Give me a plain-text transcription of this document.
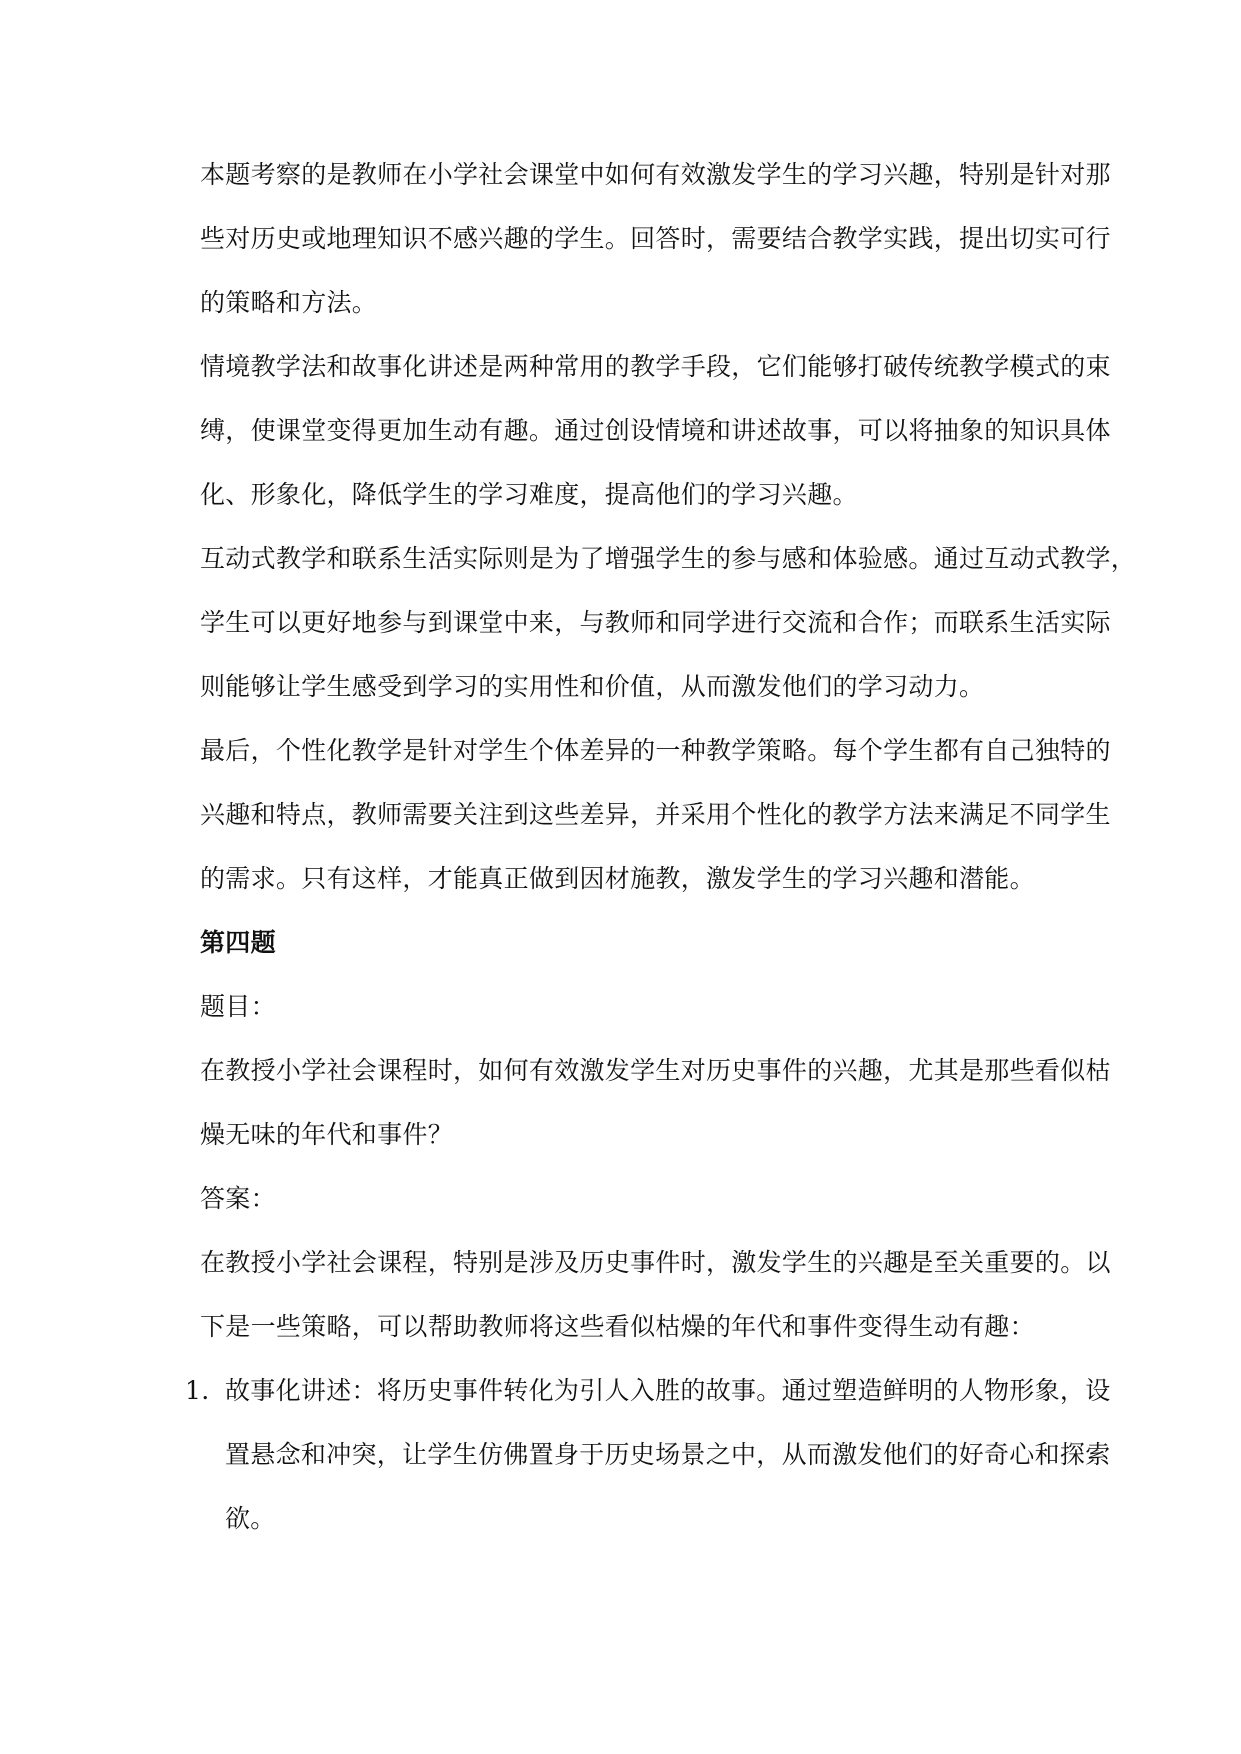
本题考察的是教师在小学社会课堂中如何有效激发学生的学习兴趣，特别是针对那
些对历史或地理知识不感兴趣的学生。回答时，需要结合教学实践，提出切实可行
的策略和方法。
情境教学法和故事化讲述是两种常用的教学手段，它们能够打破传统教学模式的束
缚，使课堂变得更加生动有趣。通过创设情境和讲述故事，可以将抽象的知识具体
化、形象化，降低学生的学习难度，提高他们的学习兴趣。
互动式教学和联系生活实际则是为了增强学生的参与感和体验感。通过互动式教学，
学生可以更好地参与到课堂中来，与教师和同学进行交流和合作；而联系生活实际
则能够让学生感受到学习的实用性和价值，从而激发他们的学习动力。
最后，个性化教学是针对学生个体差异的一种教学策略。每个学生都有自己独特的
兴趣和特点，教师需要关注到这些差异，并采用个性化的教学方法来满足不同学生
的需求。只有这样，才能真正做到因材施教，激发学生的学习兴趣和潜能。
第四题
题目：
在教授小学社会课程时，如何有效激发学生对历史事件的兴趣，尤其是那些看似枯
燥无味的年代和事件？
答案：
在教授小学社会课程，特别是涉及历史事件时，激发学生的兴趣是至关重要的。以
下是一些策略，可以帮助教师将这些看似枯燥的年代和事件变得生动有趣：
1. 故事化讲述：将历史事件转化为引人入胜的故事。通过塑造鲜明的人物形象，设
置悬念和冲突，让学生仿佛置身于历史场景之中，从而激发他们的好奇心和探索
欲。
